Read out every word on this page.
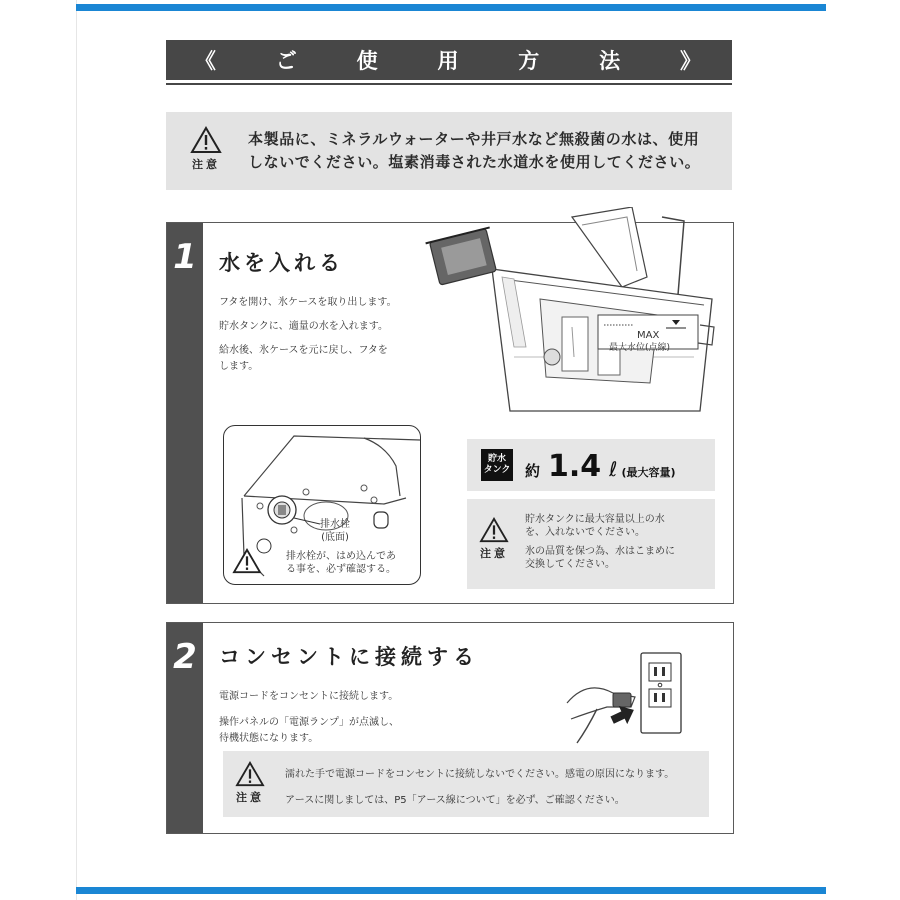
《	ご	使	用	方	法	》
注意
本製品に、ミネラルウォーターや井戸水など無殺菌の水は、使用
しないでください。塩素消毒された水道水を使用してください。
1 水を入れる
フタを開け、氷ケースを取り出します。
貯水タンクに、適量の水を入れます。
給水後、氷ケースを元に戻し、フタを
します。
MAX
最大水位(点線)
貯水
タンク 約 1.4 ℓ (最大容量)
注意
貯水タンクに最大容量以上の水
を、入れないでください。
氷の品質を保つ為、水はこまめに
交換してください。
排水栓
(底面)
排水栓が、はめ込んであ
る事を、必ず確認する。
2 コンセントに接続する
電源コードをコンセントに接続します。
操作パネルの「電源ランプ」が点滅し、
待機状態になります。
注意
濡れた手で電源コードをコンセントに接続しないでください。感電の原因になります。
アースに関しましては、P5「アース線について」を必ず、ご確認ください。
